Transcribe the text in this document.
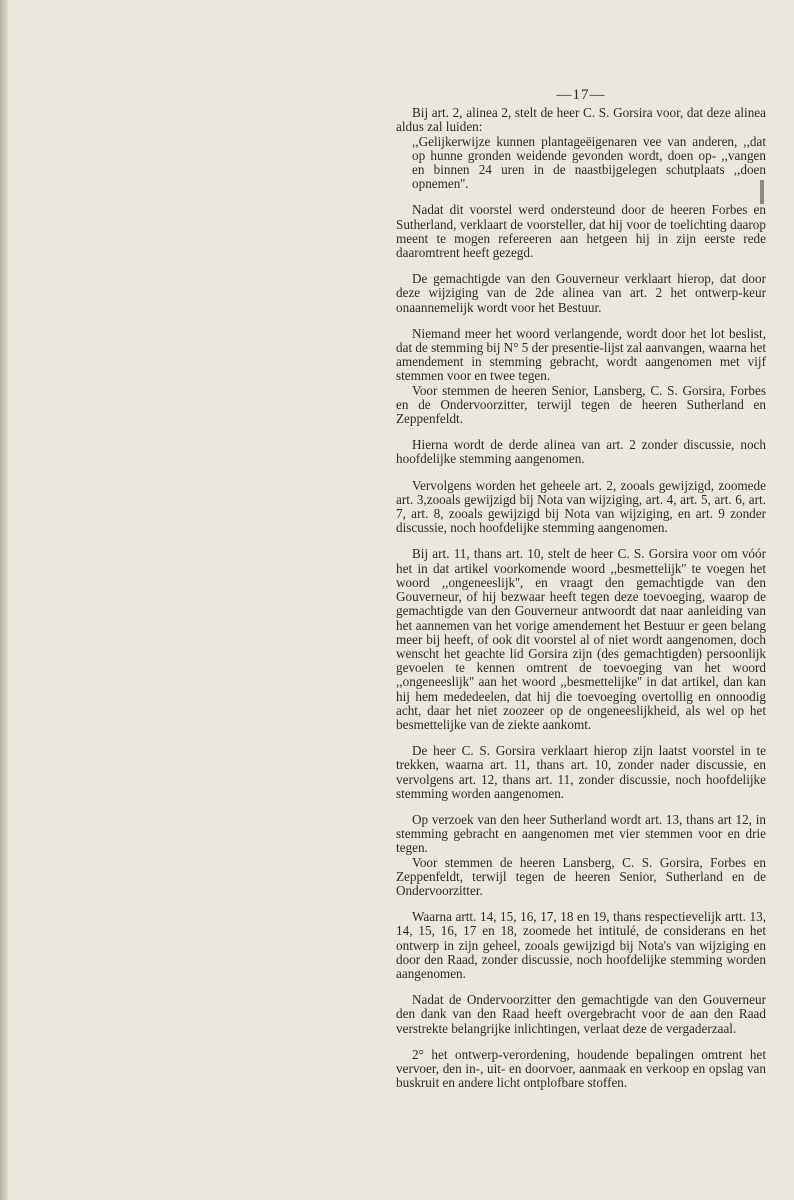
—17—

Bij art. 2, alinea 2, stelt de heer C. S. Gorsira voor, dat deze alinea aldus zal luiden:

,,Gelijkerwijze kunnen plantageëigenaren vee van anderen, ,,dat op hunne gronden weidende gevonden wordt, doen op- ,,vangen en binnen 24 uren in de naastbijgelegen schutplaats ,,doen opnemen''.

Nadat dit voorstel werd ondersteund door de heeren Forbes en Sutherland, verklaart de voorsteller, dat hij voor de toelichting daarop meent te mogen refereeren aan hetgeen hij in zijn eerste rede daaromtrent heeft gezegd.

De gemachtigde van den Gouverneur verklaart hierop, dat door deze wijziging van de 2de alinea van art. 2 het ontwerp-keur onaannemelijk wordt voor het Bestuur.

Niemand meer het woord verlangende, wordt door het lot beslist, dat de stemming bij N° 5 der presentie-lijst zal aanvangen, waarna het amendement in stemming gebracht, wordt aangenomen met vijf stemmen voor en twee tegen.

Voor stemmen de heeren Senior, Lansberg, C. S. Gorsira, Forbes en de Ondervoorzitter, terwijl tegen de heeren Sutherland en Zeppenfeldt.

Hierna wordt de derde alinea van art. 2 zonder discussie, noch hoofdelijke stemming aangenomen.

Vervolgens worden het geheele art. 2, zooals gewijzigd, zoomede art. 3,zooals gewijzigd bij Nota van wijziging, art. 4, art. 5, art. 6, art. 7, art. 8, zooals gewijzigd bij Nota van wijziging, en art. 9 zonder discussie, noch hoofdelijke stemming aangenomen.

Bij art. 11, thans art. 10, stelt de heer C. S. Gorsira voor om vóór het in dat artikel voorkomende woord ,,besmettelijk'' te voegen het woord ,,ongeneeslijk'', en vraagt den gemachtigde van den Gouverneur, of hij bezwaar heeft tegen deze toevoeging, waarop de gemachtigde van den Gouverneur antwoordt dat naar aanleiding van het aannemen van het vorige amendement het Bestuur er geen belang meer bij heeft, of ook dit voorstel al of niet wordt aangenomen, doch wenscht het geachte lid Gorsira zijn (des gemachtigden) persoonlijk gevoelen te kennen omtrent de toevoeging van het woord ,,ongeneeslijk'' aan het woord ,,besmettelijke'' in dat artikel, dan kan hij hem mededeelen, dat hij die toevoeging overtollig en onnoodig acht, daar het niet zoozeer op de ongeneeslijkheid, als wel op het besmettelijke van de ziekte aankomt.

De heer C. S. Gorsira verklaart hierop zijn laatst voorstel in te trekken, waarna art. 11, thans art. 10, zonder nader discussie, en vervolgens art. 12, thans art. 11, zonder discussie, noch hoofdelijke stemming worden aangenomen.

Op verzoek van den heer Sutherland wordt art. 13, thans art 12, in stemming gebracht en aangenomen met vier stemmen voor en drie tegen.

Voor stemmen de heeren Lansberg, C. S. Gorsira, Forbes en Zeppenfeldt, terwijl tegen de heeren Senior, Sutherland en de Ondervoorzitter.

Waarna artt. 14, 15, 16, 17, 18 en 19, thans respectievelijk artt. 13, 14, 15, 16, 17 en 18, zoomede het intitulé, de considerans en het ontwerp in zijn geheel, zooals gewijzigd bij Nota's van wijziging en door den Raad, zonder discussie, noch hoofdelijke stemming worden aangenomen.

Nadat de Ondervoorzitter den gemachtigde van den Gouverneur den dank van den Raad heeft overgebracht voor de aan den Raad verstrekte belangrijke inlichtingen, verlaat deze de vergaderzaal.

2° het ontwerp-verordening, houdende bepalingen omtrent het vervoer, den in-, uit- en doorvoer, aanmaak en verkoop en opslag van buskruit en andere licht ontplofbare stoffen.
